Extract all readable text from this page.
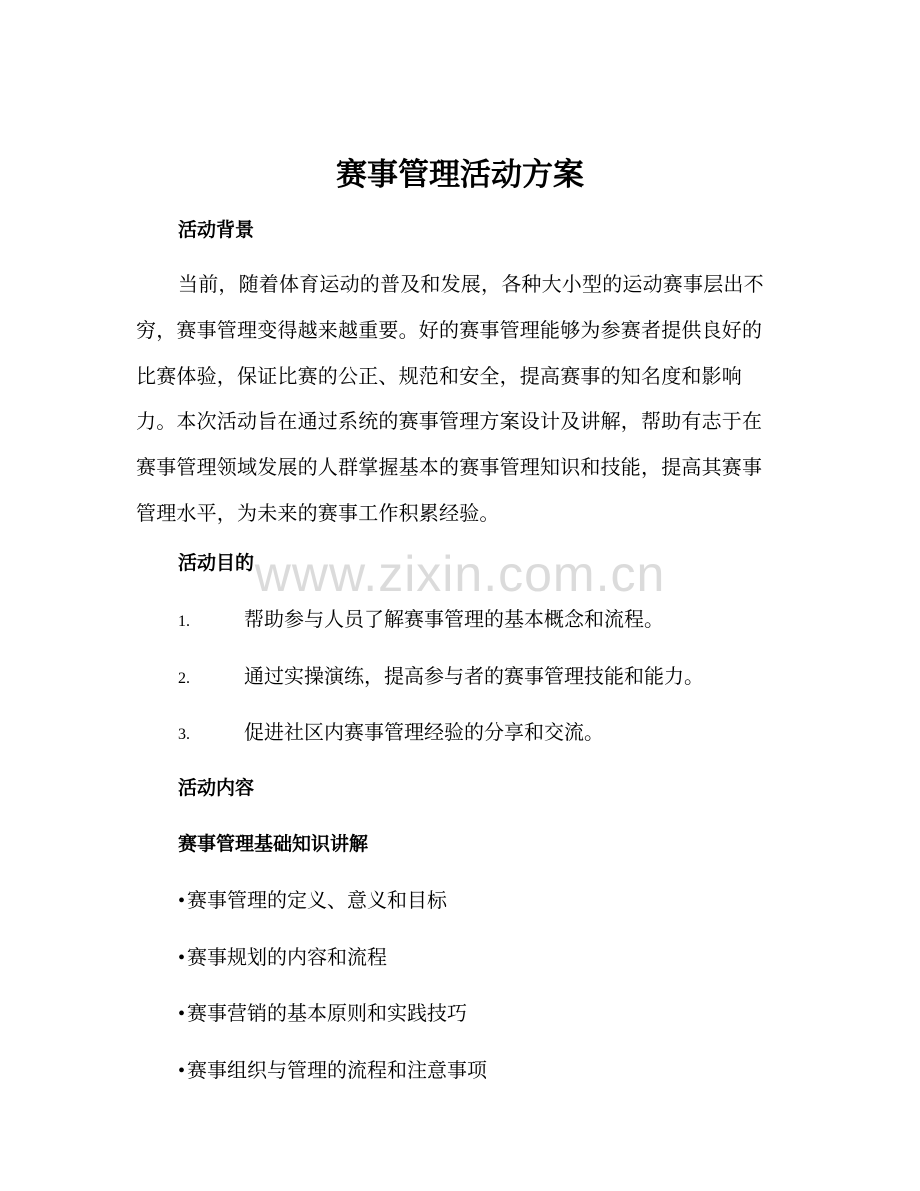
赛事管理活动方案
活动背景

当前，随着体育运动的普及和发展，各种大小型的运动赛事层出不穷，赛事管理变得越来越重要。好的赛事管理能够为参赛者提供良好的比赛体验，保证比赛的公正、规范和安全，提高赛事的知名度和影响力。本次活动旨在通过系统的赛事管理方案设计及讲解，帮助有志于在赛事管理领域发展的人群掌握基本的赛事管理知识和技能，提高其赛事管理水平，为未来的赛事工作积累经验。

活动目的
1.	帮助参与人员了解赛事管理的基本概念和流程。
2.	通过实操演练，提高参与者的赛事管理技能和能力。
3.	促进社区内赛事管理经验的分享和交流。
活动内容
赛事管理基础知识讲解
• 赛事管理的定义、意义和目标
• 赛事规划的内容和流程
• 赛事营销的基本原则和实践技巧
• 赛事组织与管理的流程和注意事项
www.zixin.com.cn
